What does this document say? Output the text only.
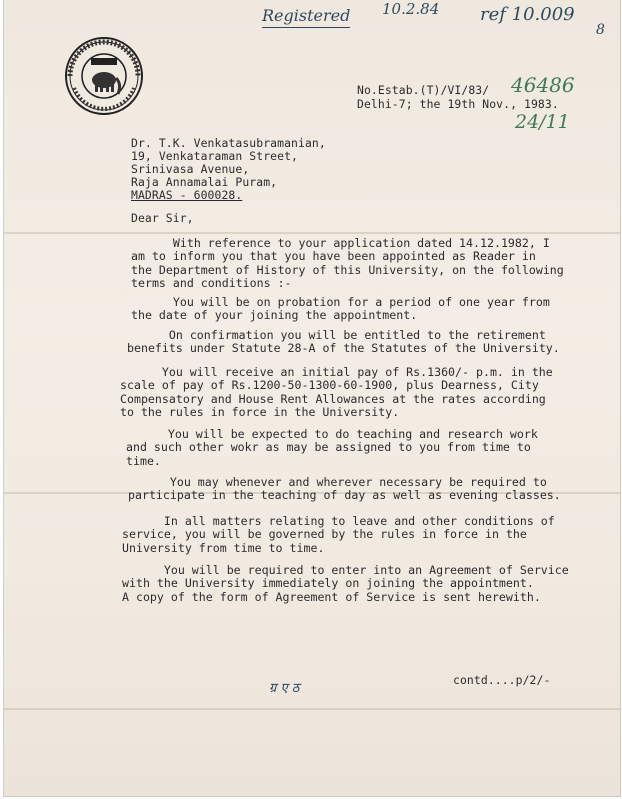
Registered 10.2.84 ref 10.009
8
46486
24/11
ग्र ए ठ
No.Estab.(T)/VI/83/
Delhi-7; the 19th Nov., 1983.
Dr. T.K. Venkatasubramanian,
19, Venkataraman Street,
Srinivasa Avenue,
Raja Annamalai Puram,
MADRAS - 600028.
Dear Sir,
With reference to your application dated 14.12.1982, I
am to inform you that you have been appointed as Reader in
the Department of History of this University, on the following
terms and conditions :-
You will be on probation for a period of one year from
the date of your joining the appointment.
On confirmation you will be entitled to the retirement
benefits under Statute 28-A of the Statutes of the University.
You will receive an initial pay of Rs.1360/- p.m. in the
scale of pay of Rs.1200-50-1300-60-1900, plus Dearness, City
Compensatory and House Rent Allowances at the rates according
to the rules in force in the University.
You will be expected to do teaching and research work
and such other wokr as may be assigned to you from time to
time.
You may whenever and wherever necessary be required to
participate in the teaching of day as well as evening classes.
In all matters relating to leave and other conditions of
service, you will be governed by the rules in force in the
University from time to time.
You will be required to enter into an Agreement of Service
with the University immediately on joining the appointment.
A copy of the form of Agreement of Service is sent herewith.
contd....p/2/-
